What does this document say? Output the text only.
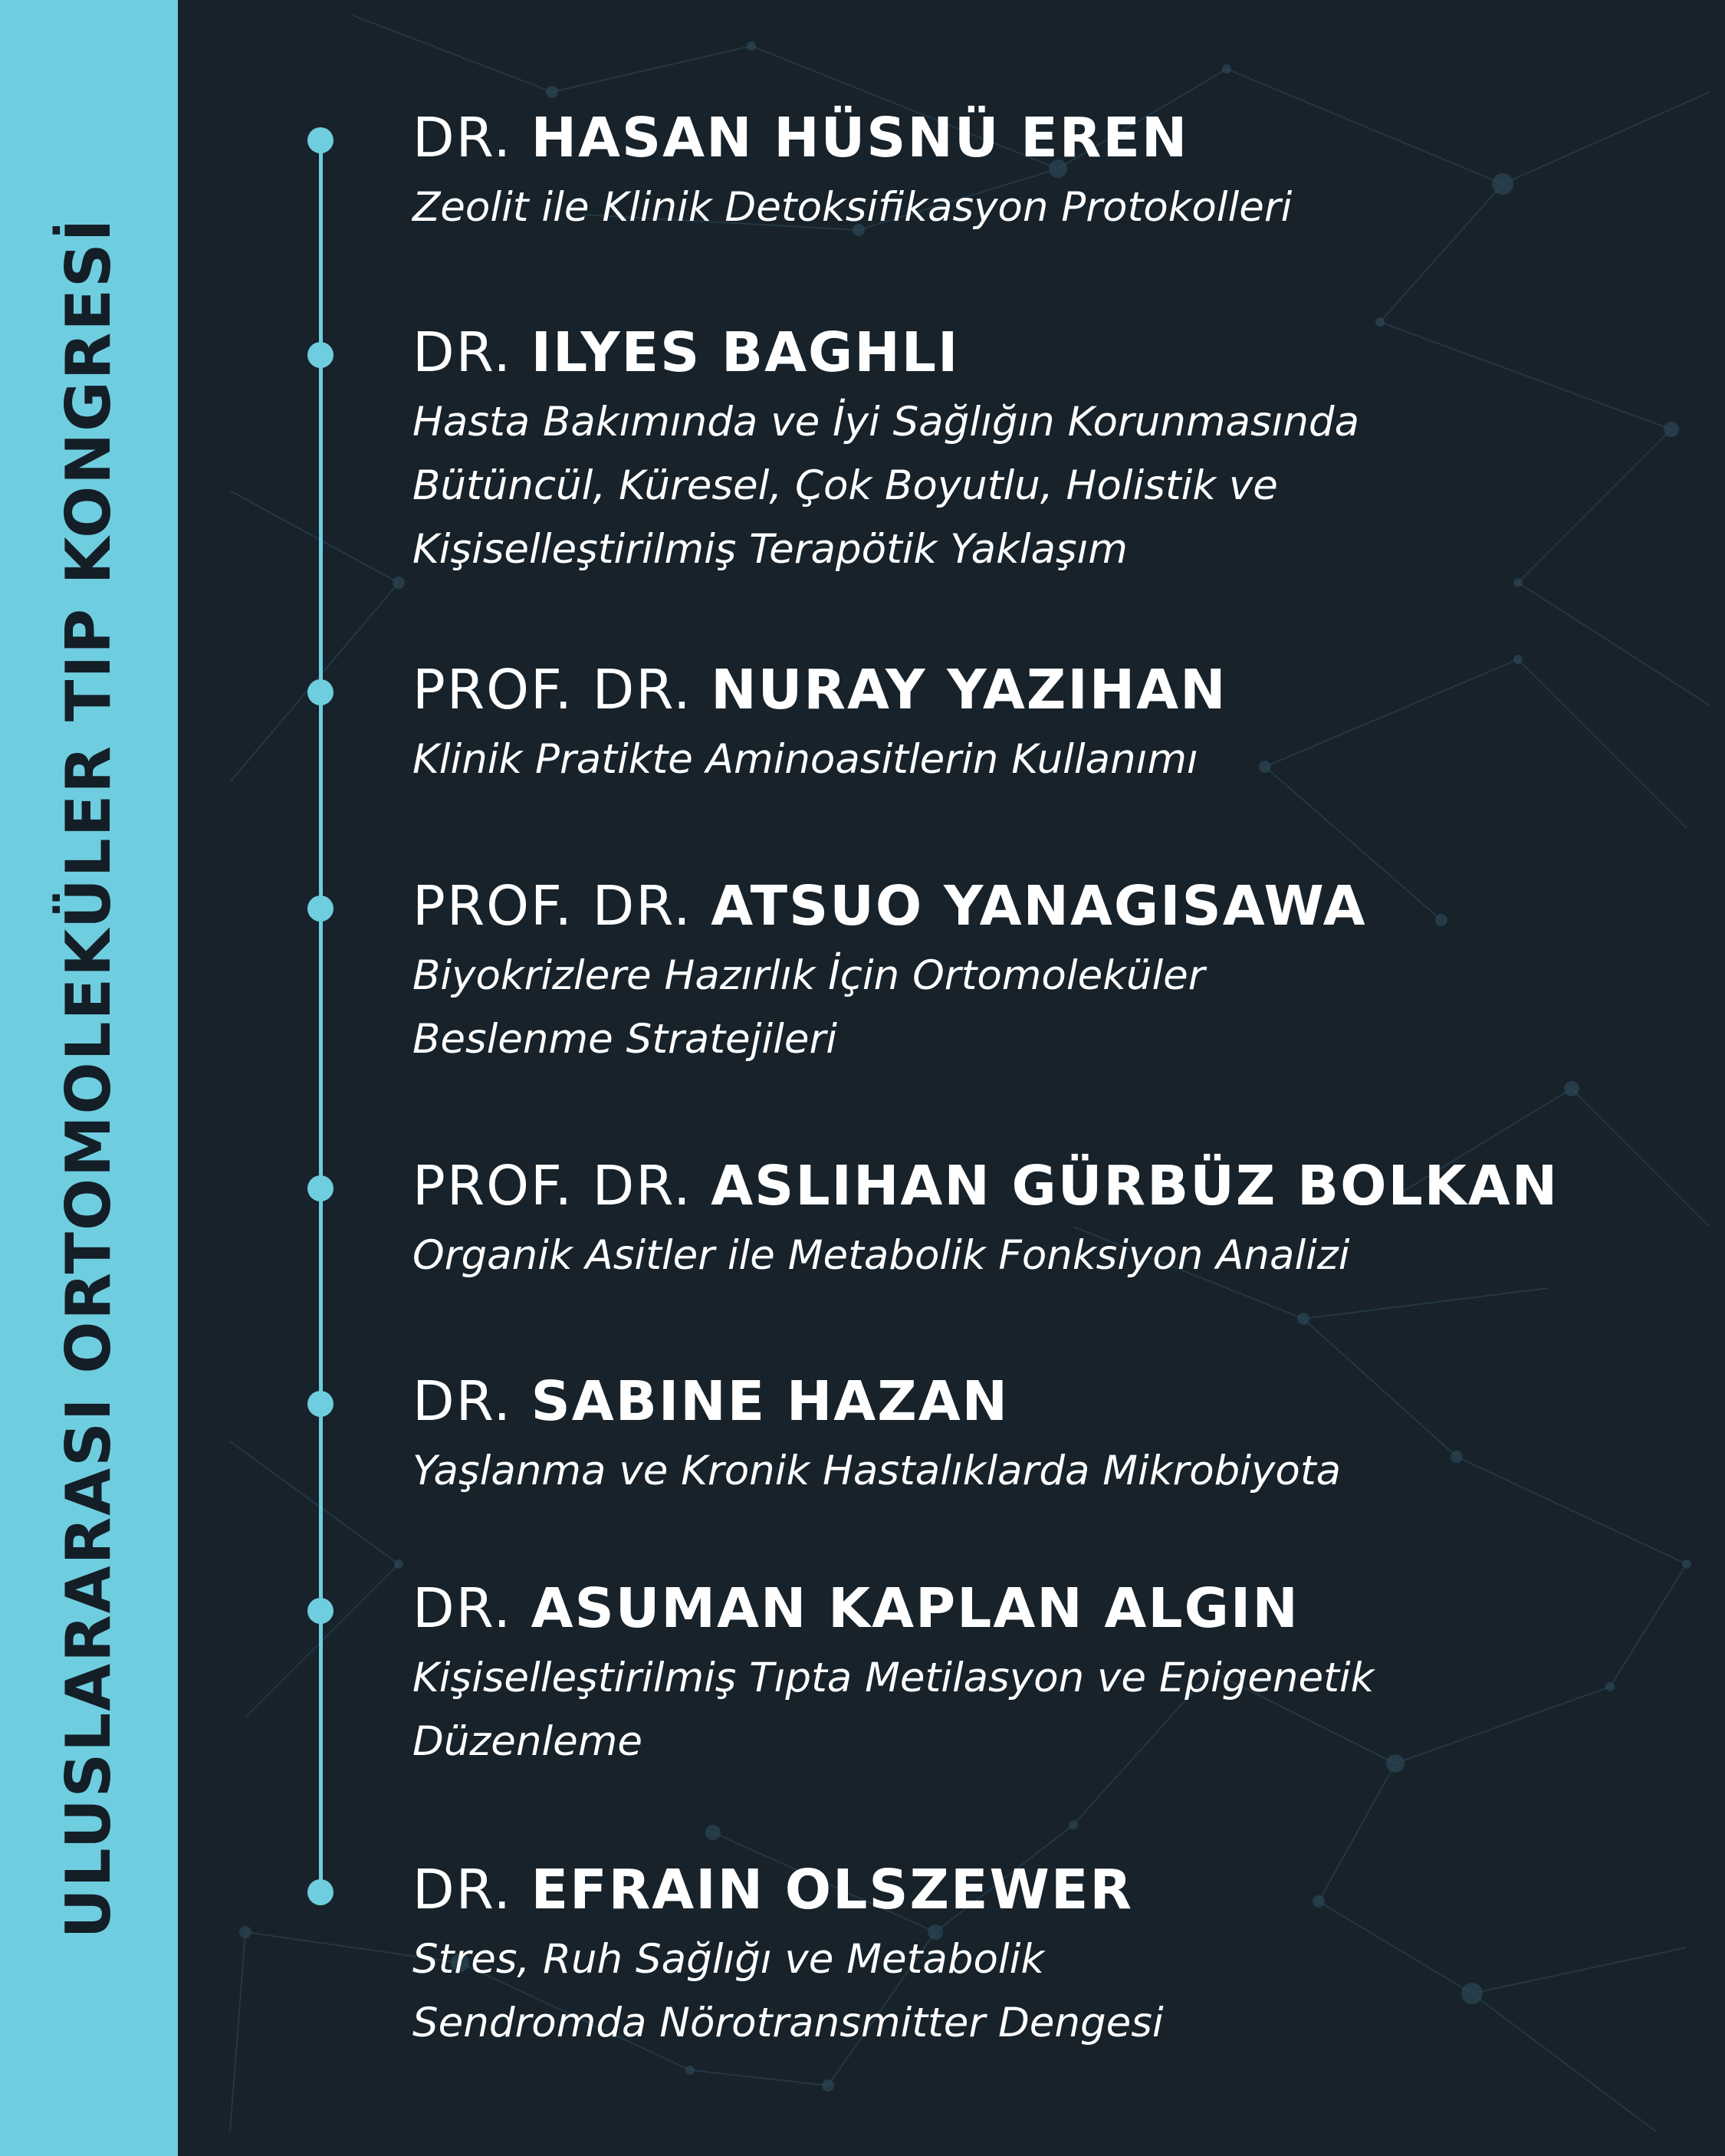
ULUSLARARASI ORTOMOLEKÜLER TIP KONGRESİ
DR. HASAN HÜSNÜ EREN
Zeolit ile Klinik Detoksifikasyon Protokolleri
DR. ILYES BAGHLI
Hasta Bakımında ve İyi Sağlığın Korunmasında
Bütüncül, Küresel, Çok Boyutlu, Holistik ve
Kişiselleştirilmiş Terapötik Yaklaşım
PROF. DR. NURAY YAZIHAN
Klinik Pratikte Aminoasitlerin Kullanımı
PROF. DR. ATSUO YANAGISAWA
Biyokrizlere Hazırlık İçin Ortomoleküler
Beslenme Stratejileri
PROF. DR. ASLIHAN GÜRBÜZ BOLKAN
Organik Asitler ile Metabolik Fonksiyon Analizi
DR. SABINE HAZAN
Yaşlanma ve Kronik Hastalıklarda Mikrobiyota
DR. ASUMAN KAPLAN ALGIN
Kişiselleştirilmiş Tıpta Metilasyon ve Epigenetik
Düzenleme
DR. EFRAIN OLSZEWER
Stres, Ruh Sağlığı ve Metabolik
Sendromda Nörotransmitter Dengesi
